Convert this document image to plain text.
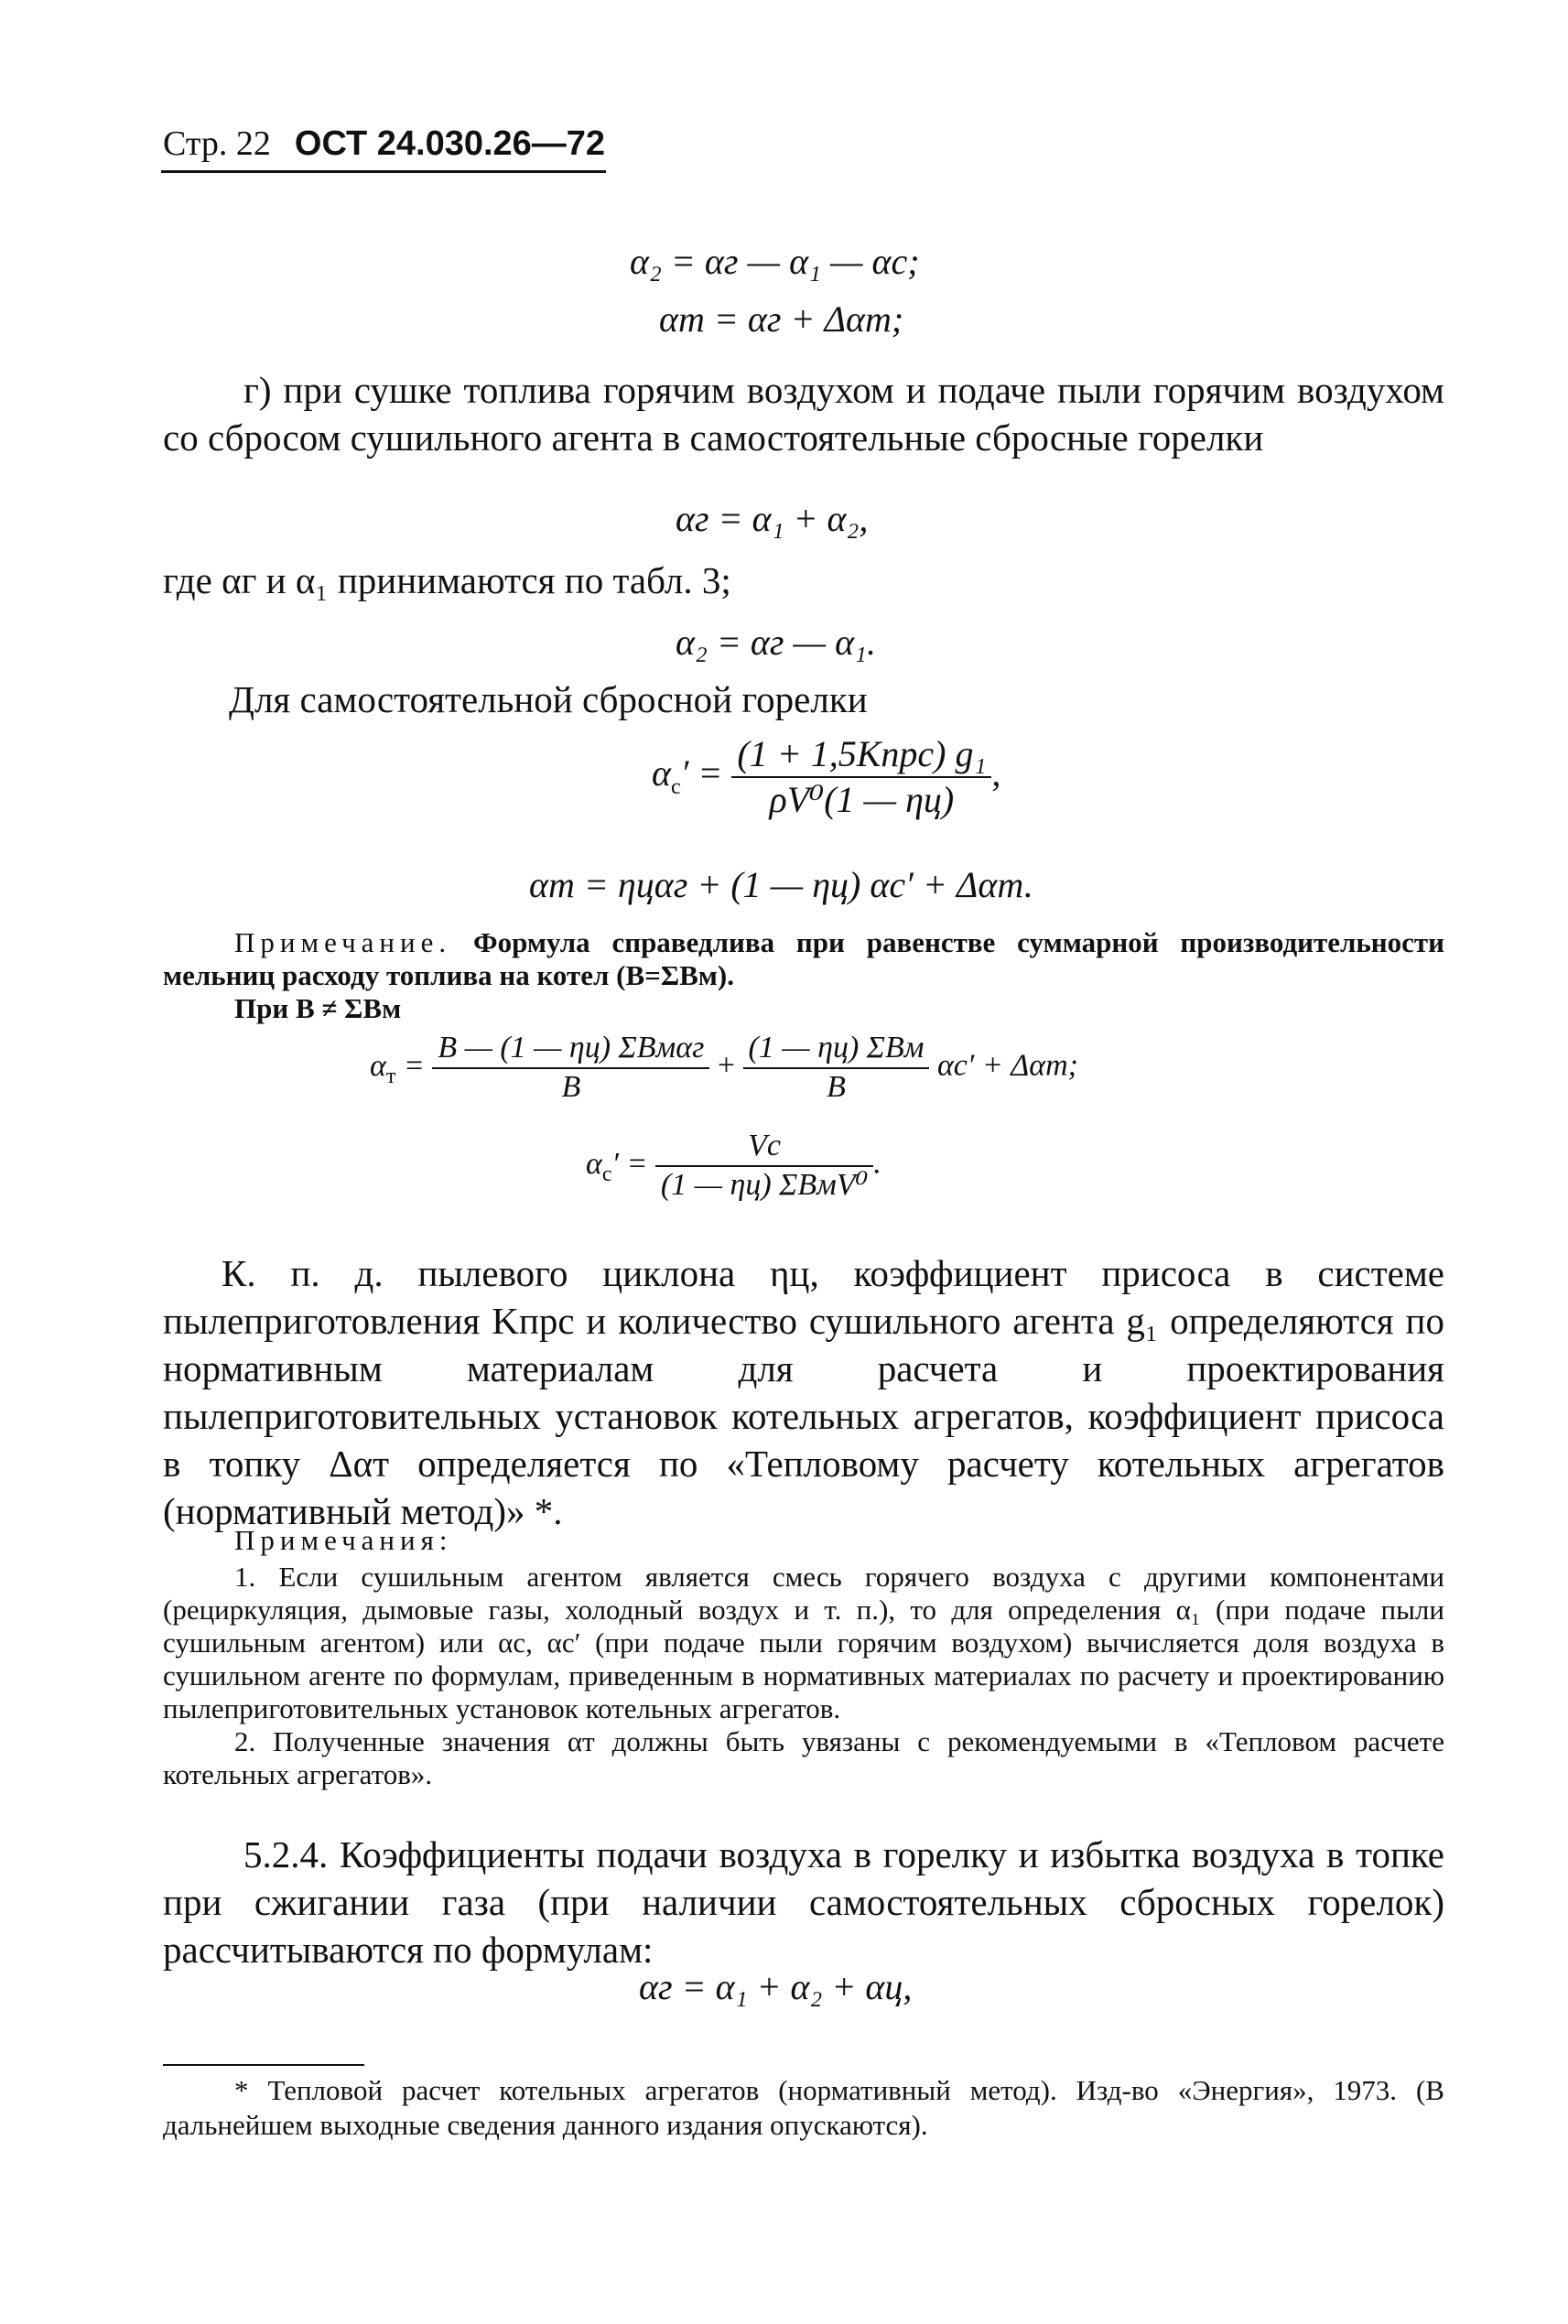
Стр. 22 ОСТ 24.030.26—72
α₂ = αг — α₁ — αс;
αт = αг + Δαт;
г) при сушке топлива горячим воздухом и подаче пыли горячим воздухом со сбросом сушильного агента в самостоятельные сбросные горелки
αг = α₁ + α₂,
где αг и α₁ принимаются по табл. 3;
α₂ = αг — α₁.
Для самостоятельной сбросной горелки
$\alpha_с' = \frac{\text{(1 + 1,5Kпрс) g₁}}{\text{ρV⁰(1 — ηц)}}$ ,
αт = ηцαг + (1 — ηц) αс′ + Δαт.
Примечание. Формула справедлива при равенстве суммарной производительности мельниц расходу топлива на котел (B=ΣBм).
При B ≠ ΣBм
$\alpha_т = \frac{\text{B — (1 — ηц) ΣBмαг}}{B} + \frac{\text{(1 — ηц) ΣBм}}{B} \alpha с' + \Delta\alpha т$;
$\alpha_с' = \frac{Vс}{\text{(1 — ηц) ΣBмV⁰}}$ .
К. п. д. пылевого циклона ηц, коэффициент присоса в системе пылеприготовления Kпрс и количество сушильного агента g₁ определяются по нормативным материалам для расчета и проектирования пылеприготовительных установок котельных агрегатов, коэффициент присоса в топку Δαт определяется по «Тепловому расчету котельных агрегатов (нормативный метод)» *.
Примечания:
1. Если сушильным агентом является смесь горячего воздуха с другими компонентами (рециркуляция, дымовые газы, холодный воздух и т. п.), то для определения α₁ (при подаче пыли сушильным агентом) или αс, αс′ (при подаче пыли горячим воздухом) вычисляется доля воздуха в сушильном агенте по формулам, приведенным в нормативных материалах по расчету и проектированию пылеприготовительных установок котельных агрегатов.
2. Полученные значения αт должны быть увязаны с рекомендуемыми в «Тепловом расчете котельных агрегатов».
5.2.4. Коэффициенты подачи воздуха в горелку и избытка воздуха в топке при сжигании газа (при наличии самостоятельных сбросных горелок) рассчитываются по формулам:
αг = α₁ + α₂ + αц,
* Тепловой расчет котельных агрегатов (нормативный метод). Изд-во «Энергия», 1973. (В дальнейшем выходные сведения данного издания опускаются).
